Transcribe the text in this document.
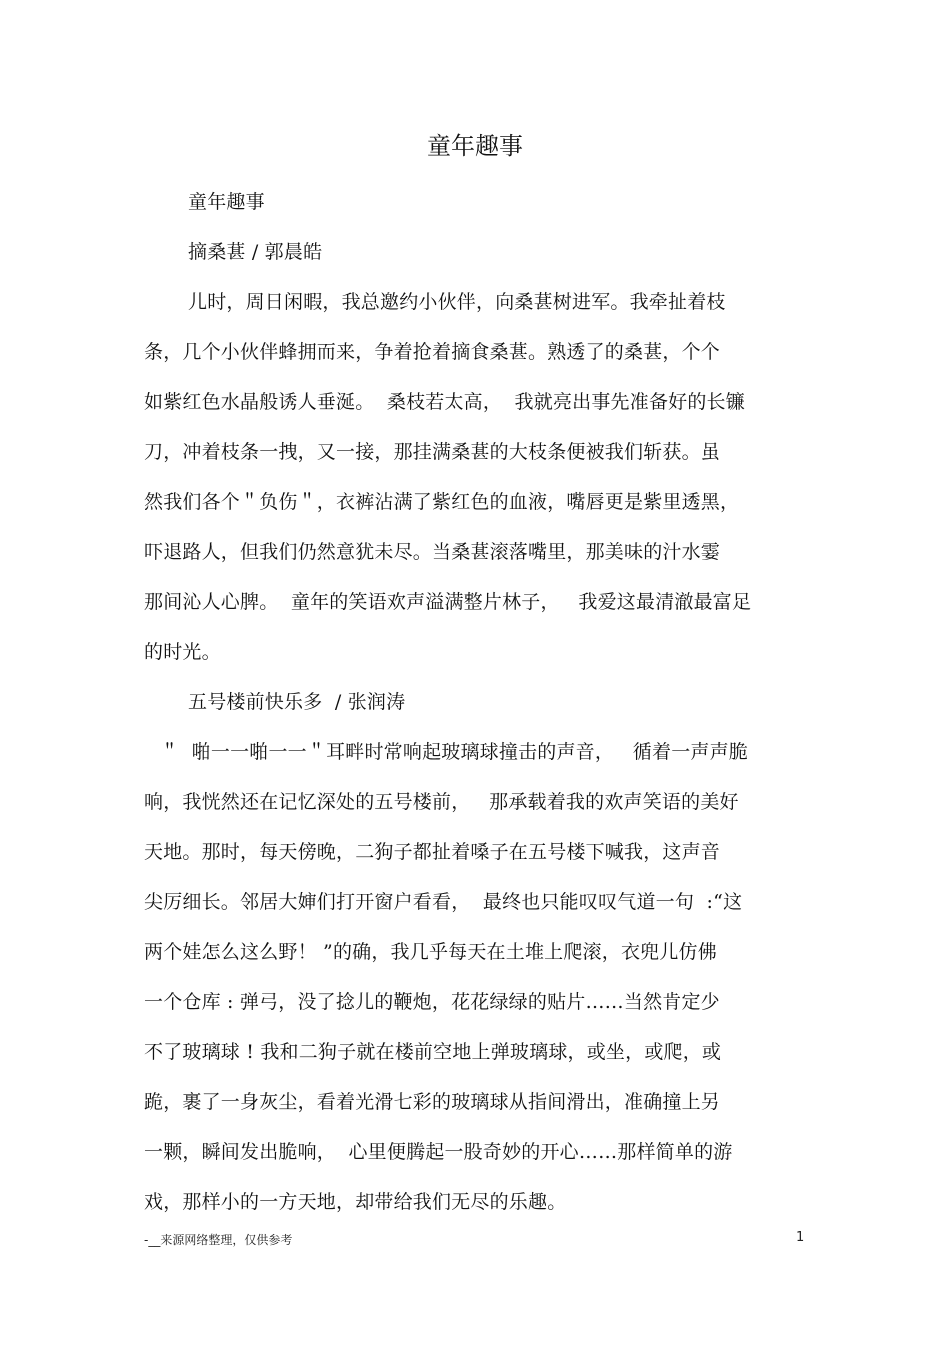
童年趣事
童年趣事
摘桑葚 / 郭晨皓
儿时，周日闲暇，我总邀约小伙伴，向桑葚树进军。我牵扯着枝
条，几个小伙伴蜂拥而来，争着抢着摘食桑葚。熟透了的桑葚，个个
如紫红色水晶般诱人垂涎。  桑枝若太高，  我就亮出事先准备好的长镰
刀，冲着枝条一拽，又一接，那挂满桑葚的大枝条便被我们斩获。虽
然我们各个＂负伤＂，衣裤沾满了紫红色的血液，嘴唇更是紫里透黑，
吓退路人，但我们仍然意犹未尽。当桑葚滚落嘴里，那美味的汁水霎
那间沁人心脾。  童年的笑语欢声溢满整片林子，   我爱这最清澈最富足
的时光。
五号楼前快乐多  / 张润涛
＂  啪一一啪一一＂耳畔时常响起玻璃球撞击的声音，   循着一声声脆
响，我恍然还在记忆深处的五号楼前，   那承载着我的欢声笑语的美好
天地。那时，每天傍晚，二狗子都扯着嗓子在五号楼下喊我，这声音
尖厉细长。邻居大婶们打开窗户看看，  最终也只能叹叹气道一句  :“这
两个娃怎么这么野！ ”的确，我几乎每天在土堆上爬滚，衣兜儿仿佛
一个仓库 : 弹弓，没了捻儿的鞭炮，花花绿绿的贴片……当然肯定少
不了玻璃球 ! 我和二狗子就在楼前空地上弹玻璃球，或坐，或爬，或
跪，裹了一身灰尘，看着光滑七彩的玻璃球从指间滑出，准确撞上另
一颗，瞬间发出脆响，  心里便腾起一股奇妙的开心……那样简单的游
戏，那样小的一方天地，却带给我们无尽的乐趣。
-__来源网络整理，仅供参考	1
